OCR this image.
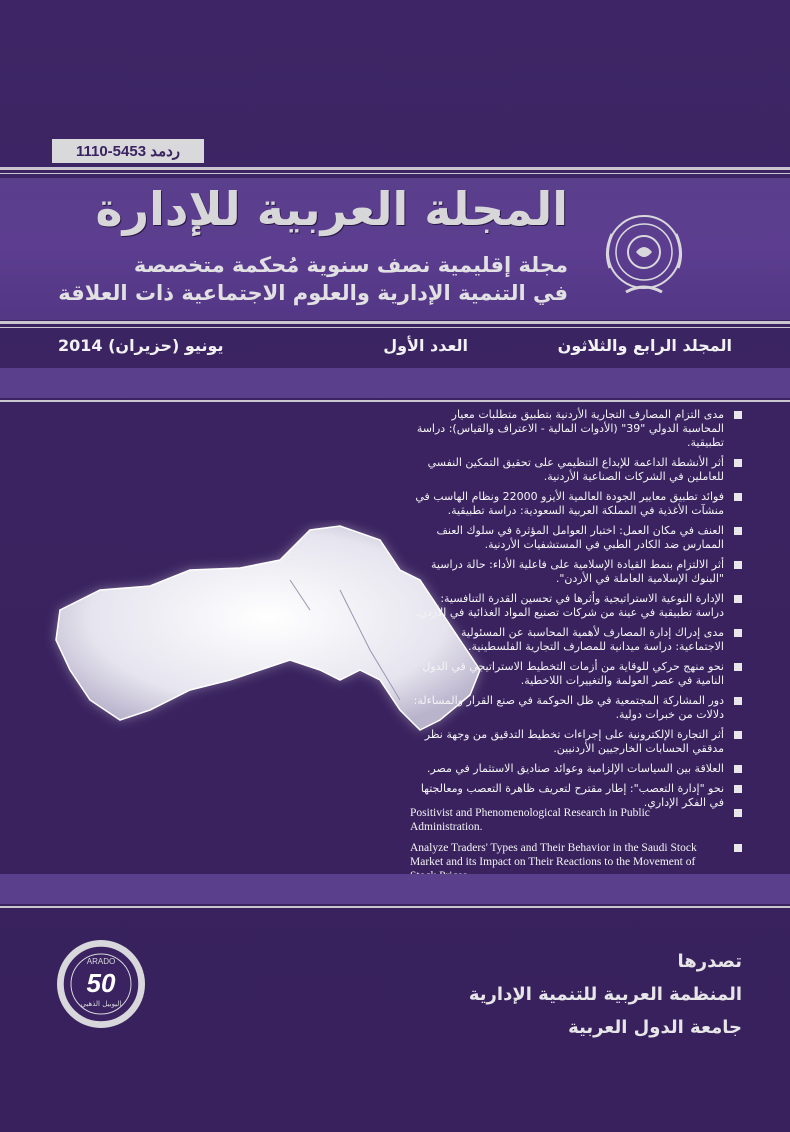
ردمد 5453-1110
المجلة العربية للإدارة
مجلة إقليمية نصف سنوية مُحكمة متخصصة
في التنمية الإدارية والعلوم الاجتماعية ذات العلاقة
المجلد الرابع والثلاثون
العدد الأول
يونيو (حزيران) 2014
مدى التزام المصارف التجارية الأردنية بتطبيق متطلبات معيار المحاسبة الدولي "39" (الأدوات المالية - الاعتراف والقياس): دراسة تطبيقية.
أثر الأنشطة الداعمة للإبداع التنظيمي على تحقيق التمكين النفسي للعاملين في الشركات الصناعية الأردنية.
فوائد تطبيق معايير الجودة العالمية الأيزو 22000 ونظام الهاسب في منشآت الأغذية في المملكة العربية السعودية: دراسة تطبيقية.
العنف في مكان العمل: اختبار العوامل المؤثرة في سلوك العنف الممارس ضد الكادر الطبي في المستشفيات الأردنية.
أثر الالتزام بنمط القيادة الإسلامية على فاعلية الأداء: حالة دراسية "البنوك الإسلامية العاملة في الأردن".
الإدارة النوعية الاستراتيجية وأثرها في تحسين القدرة التنافسية: دراسة تطبيقية في عينة من شركات تصنيع المواد الغذائية في الأردن.
مدى إدراك إدارة المصارف لأهمية المحاسبة عن المسئولية الاجتماعية: دراسة ميدانية للمصارف التجارية الفلسطينية.
نحو منهج حركي للوقاية من أزمات التخطيط الاستراتيجي في الدول النامية في عصر العولمة والتغييرات اللاخطية.
دور المشاركة المجتمعية في ظل الحوكمة في صنع القرار والمساءلة: دلالات من خبرات دولية.
أثر التجارة الإلكترونية على إجراءات تخطيط التدقيق من وجهة نظر مدققي الحسابات الخارجيين الأردنيين.
العلاقة بين السياسات الإلزامية وعوائد صناديق الاستثمار في مصر.
نحو "إدارة التعصب": إطار مقترح لتعريف ظاهرة التعصب ومعالجتها في الفكر الإداري.
Positivist and Phenomenological Research in Public Administration.
Analyze Traders' Types and Their Behavior in the Saudi Stock Market and its Impact on Their Reactions to the Movement of
ARADO
50
اليوبيل الذهبي
تصدرها
المنظمة العربية للتنمية الإدارية
جامعة الدول العربية
